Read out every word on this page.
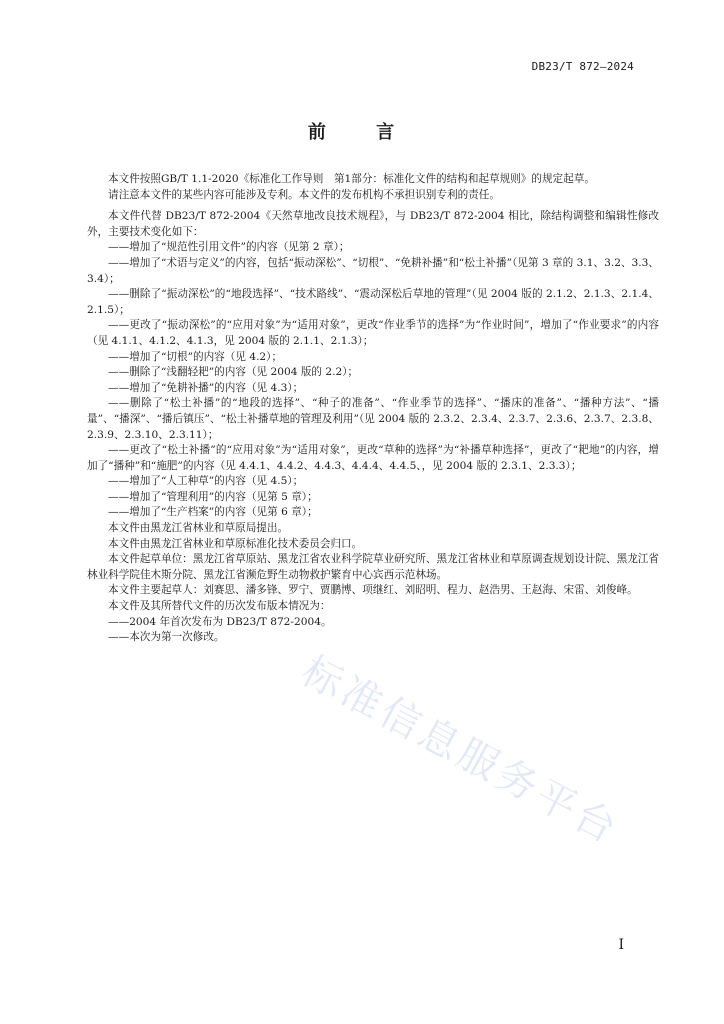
DB23/T 872—2024
前 言

本文件按照GB/T 1.1-2020《标准化工作导则　第1部分：标准化文件的结构和起草规则》的规定起草。

请注意本文件的某些内容可能涉及专利。本文件的发布机构不承担识别专利的责任。

本文件代替 DB23/T 872-2004《天然草地改良技术规程》，与 DB23/T 872-2004 相比，除结构调整和编辑性修改外，主要技术变化如下：

——增加了“规范性引用文件”的内容（见第 2 章）；

——增加了“术语与定义”的内容，包括“振动深松”、“切根”、“免耕补播”和“松土补播”（见第 3 章的 3.1、3.2、3.3、3.4）；

——删除了“振动深松”的“地段选择”、“技术路线”、“震动深松后草地的管理”（见 2004 版的 2.1.2、2.1.3、2.1.4、2.1.5）；

——更改了“振动深松”的“应用对象”为“适用对象”，更改“作业季节的选择”为“作业时间”，增加了“作业要求”的内容（见 4.1.1、4.1.2、4.1.3，见 2004 版的 2.1.1、2.1.3）；

——增加了“切根”的内容（见 4.2）；

——删除了“浅翻轻耙”的内容（见 2004 版的 2.2）；

——增加了“免耕补播”的内容（见 4.3）；

——删除了“松土补播”的“地段的选择”、“种子的准备”、“作业季节的选择”、“播床的准备”、“播种方法”、“播量”、“播深”、“播后镇压”、“松土补播草地的管理及利用”（见 2004 版的 2.3.2、2.3.4、2.3.7、2.3.6、2.3.7、2.3.8、2.3.9、2.3.10、2.3.11）；

——更改了“松土补播”的“应用对象”为“适用对象”，更改“草种的选择”为“补播草种选择”，更改了“耙地”的内容，增加了“播种”和“施肥”的内容（见 4.4.1、4.4.2、4.4.3、4.4.4、4.4.5、，见 2004 版的 2.3.1、2.3.3）；

——增加了“人工种草”的内容（见 4.5）；

——增加了“管理利用”的内容（见第 5 章）；

——增加了“生产档案”的内容（见第 6 章）；

本文件由黑龙江省林业和草原局提出。

本文件由黑龙江省林业和草原标准化技术委员会归口。

本文件起草单位：黑龙江省草原站、黑龙江省农业科学院草业研究所、黑龙江省林业和草原调查规划设计院、黑龙江省林业科学院佳木斯分院、黑龙江省濒危野生动物救护繁育中心宾西示范林场。

本文件主要起草人：刘赛思、潘多锋、罗宁、贾鹏博、项继红、刘昭明、程力、赵浩男、王赵海、宋雷、刘俊峰。

本文件及其所替代文件的历次发布版本情况为：

——2004 年首次发布为 DB23/T 872-2004。

——本次为第一次修改。

标准信息服务平台
I
